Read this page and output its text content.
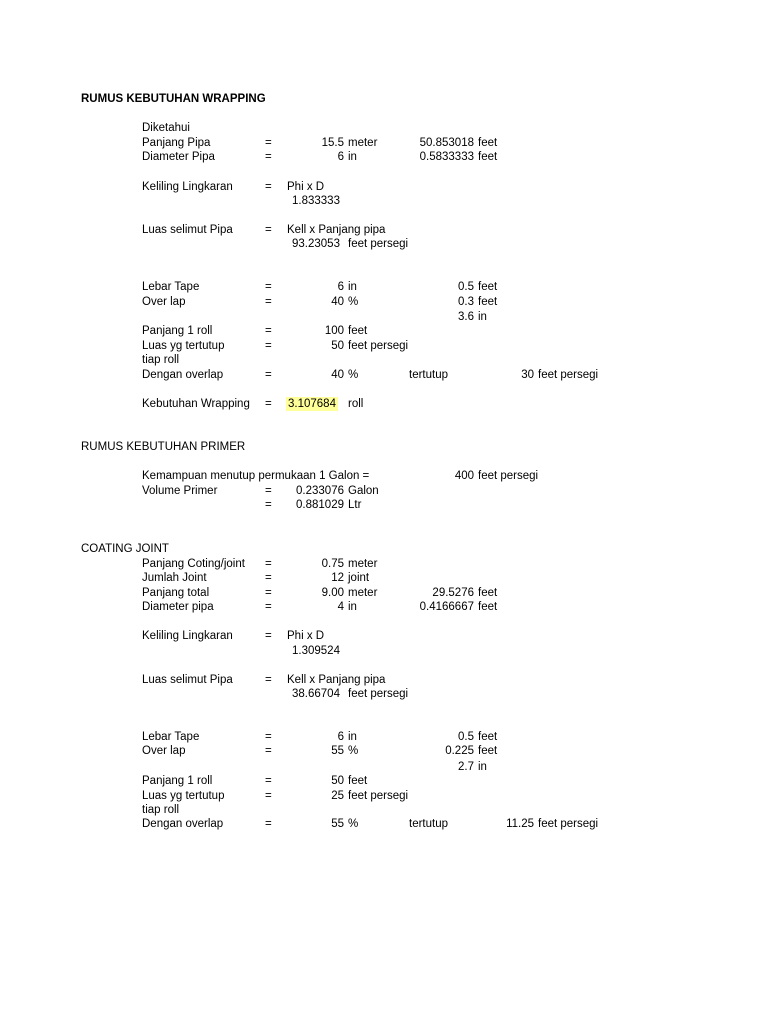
RUMUS KEBUTUHAN WRAPPING
Diketahui
Panjang Pipa	=	15.5 meter	50.853018 feet
Diameter Pipa	=	6 in	0.5833333 feet
Keliling Lingkaran	= Phi x D
1.833333
Luas selimut Pipa	= Kell x Panjang pipa
93.23053 feet persegi
Lebar Tape	=	6 in	0.5 feet
Over lap	=	40 %	0.3 feet
3.6 in
Panjang 1 roll	=	100 feet
Luas yg tertutup
tiap roll
=	50 feet persegi
Dengan overlap	=	40 %	tertutup	30 feet persegi
Kebutuhan Wrapping = 3.107684 roll
RUMUS KEBUTUHAN PRIMER
Kemampuan menutup permukaan 1 Galon =	400 feet persegi
Volume Primer	=	0.233076 Galon
=	0.881029 Ltr
COATING JOINT
Panjang Coting/joint =	0.75 meter
Jumlah Joint	=	12 joint
Panjang total	=	9.00 meter	29.5276 feet
Diameter pipa	=	4 in	0.4166667 feet
Keliling Lingkaran	= Phi x D
1.309524
Luas selimut Pipa	= Kell x Panjang pipa
38.66704 feet persegi
Lebar Tape	=	6 in	0.5 feet
Over lap	=	55 %	0.225 feet
2.7 in
Panjang 1 roll	=	50 feet
Luas yg tertutup
tiap roll
=	25 feet persegi
Dengan overlap	=	55 %	tertutup	11.25 feet persegi
